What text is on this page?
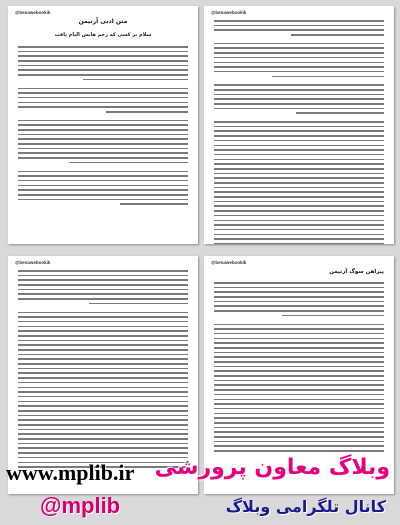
@benawebookik
متن ادبی آرتیمن
سلام بر کسی که رحم هایش الیام یافت
@benawebookik
@benawebookik	@benawebookik
پیراهن سوگ آرتیمن
www.mplib.ir وبلاگ معاون پرورشی
@mplib	کانال تلگرامی وبلاگ
